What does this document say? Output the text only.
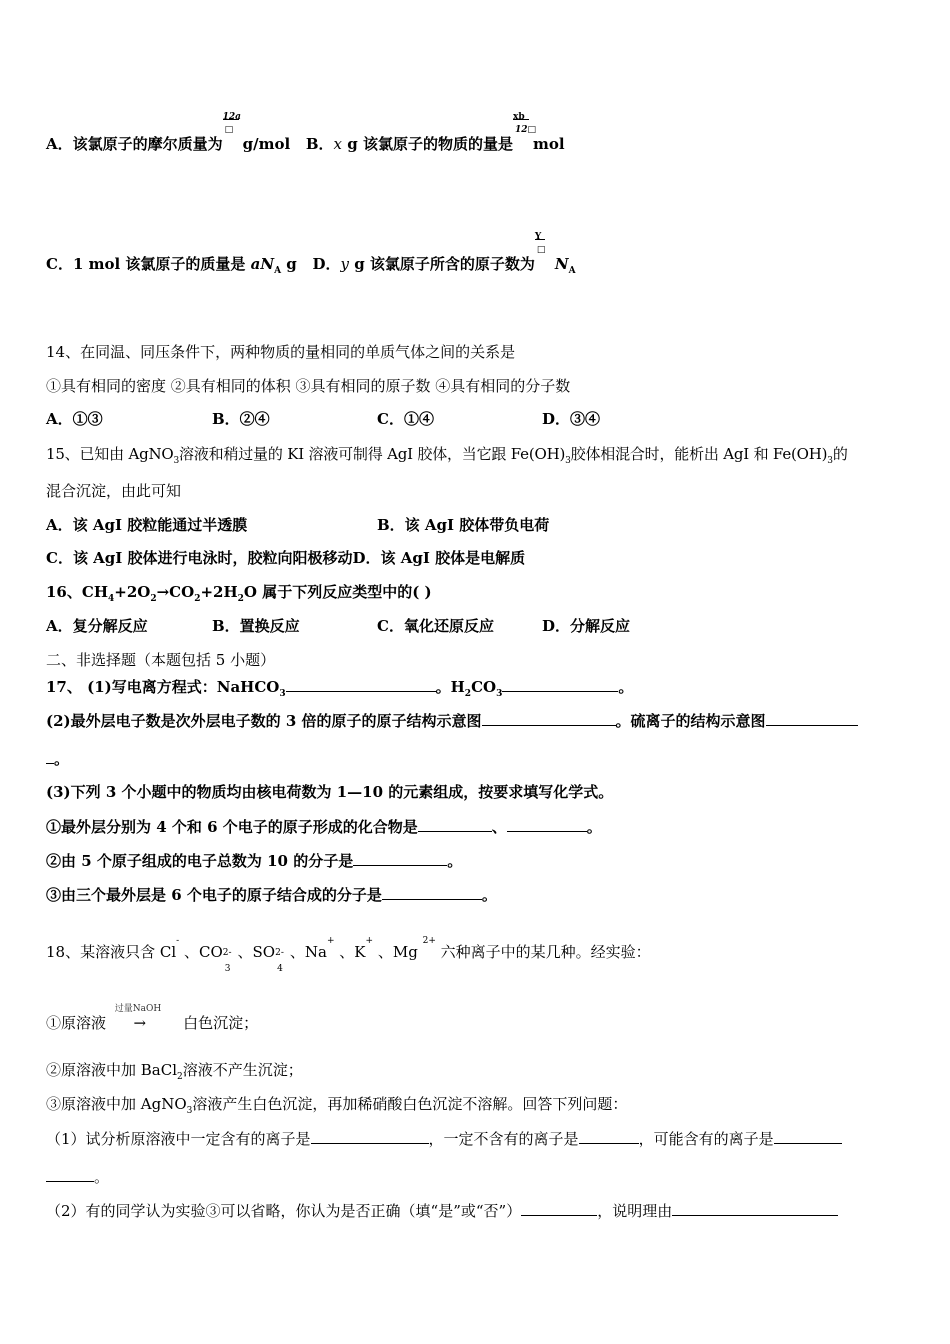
A．该氯原子的摩尔质量为
12a
□
g/mol B．x g 该氯原子的物质的量是
xb
12□
mol
C．1 mol 该氯原子的质量是 $aN_A$ g D．y g 该氯原子所含的原子数为
Y
□
$N_A$
14、在同温、同压条件下，两种物质的量相同的单质气体之间的关系是
①具有相同的密度 ②具有相同的体积 ③具有相同的原子数 ④具有相同的分子数
A．①③	B．②④	C．①④	D．③④
15、已知由 AgNO$_3$溶液和稍过量的 KI 溶液可制得 AgI 胶体，当它跟 $Fe(OH)_3$胶体相混合时，能析出 AgI 和 $Fe(OH)_3$的
混合沉淀，由此可知
A．该 AgI 胶粒能通过半透膜	B．该 AgI 胶体带负电荷
C．该 AgI 胶体进行电泳时，胶粒向阳极移动D．该 AgI 胶体是电解质
16、$CH_4+2O_2\to CO_2+2H_2O$ 属于下列反应类型中的( )
A．复分解反应	B．置换反应	C．氧化还原反应	D．分解反应
二、非选择题（本题包括 5 小题）
17、 (1)写电离方程式：NaHCO$_3$	。$H_2CO_3$	。
(2)最外层电子数是次外层电子数的 3 倍的原子的原子结构示意图	。硫离子的结构示意图
。
(3)下列 3 个小题中的物质均由核电荷数为 1—10 的元素组成，按要求填写化学式。
①最外层分别为 4 个和 6 个电子的原子形成的化合物是	、	。
②由 5 个原子组成的电子总数为 10 的分子是	。
③由三个最外层是 6 个电子的原子结合成的分子是	。
18、某溶液只含 Cl- 、CO 2-
3
、SO 2-
4
、Na+ 、K+ 、Mg $^{2+}$ 六种离子中的某几种。经实验：
①原溶液
过量NaOH
→ 白色沉淀；
②原溶液中加 BaCl$_2$溶液不产生沉淀；
③原溶液中加 AgNO$_3$溶液产生白色沉淀，再加稀硝酸白色沉淀不溶解。回答下列问题：
（1）试分析原溶液中一定含有的离子是	，一定不含有的离子是	，可能含有的离子是
。
（2）有的同学认为实验③可以省略，你认为是否正确（填“是”或“否”）	，说明理由
